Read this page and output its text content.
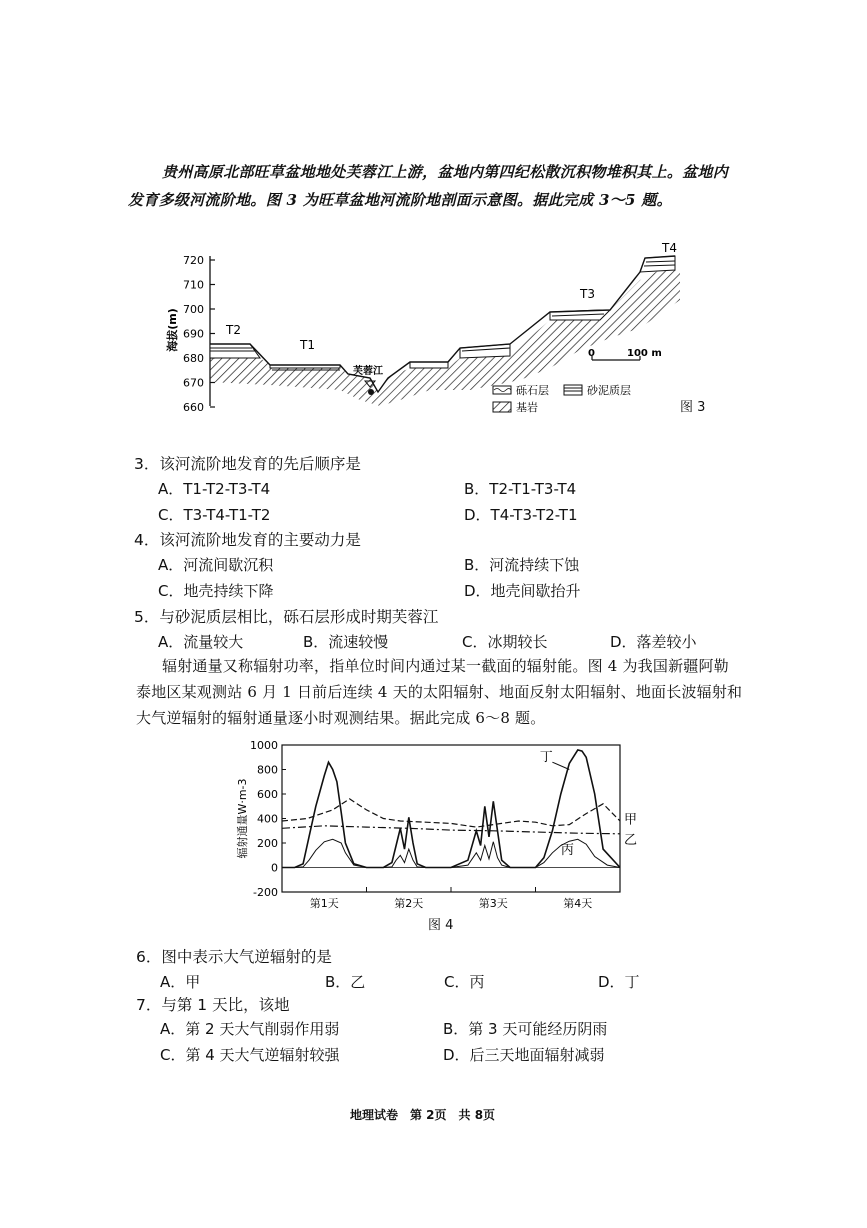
贵州高原北部旺草盆地地处芙蓉江上游，盆地内第四纪松散沉积物堆积其上。盆地内
发育多级河流阶地。图 3 为旺草盆地河流阶地剖面示意图。据此完成 3～5 题。
720
710
700
690
680
670
660
海拔(m)	T2
T1
T3
T4
芙蓉江
0	100 m
砾石层	砂泥质层
基岩	图 3
3．该河流阶地发育的先后顺序是
A．T1-T2-T3-T4	B．T2-T1-T3-T4
C．T3-T4-T1-T2	D．T4-T3-T2-T1
4．该河流阶地发育的主要动力是
A．河流间歇沉积	B．河流持续下蚀
C．地壳持续下降	D．地壳间歇抬升
5．与砂泥质层相比，砾石层形成时期芙蓉江
A．流量较大	B．流速较慢	C．冰期较长	D．落差较小
辐射通量又称辐射功率，指单位时间内通过某一截面的辐射能。图 4 为我国新疆阿勒
泰地区某观测站 6 月 1 日前后连续 4 天的太阳辐射、地面反射太阳辐射、地面长波辐射和
大气逆辐射的辐射通量逐小时观测结果。据此完成 6～8 题。
1000
800
600
400
200
0
-200
第1天	第2天	第3天	第4天
辐射通量W·m-3
丁
甲
乙
丙
图 4
6．图中表示大气逆辐射的是
A．甲	B．乙	C．丙	D．丁
7．与第 1 天比，该地
A．第 2 天大气削弱作用弱	B．第 3 天可能经历阴雨
C．第 4 天大气逆辐射较强	D．后三天地面辐射减弱
地理试卷　第 2页　共 8页
